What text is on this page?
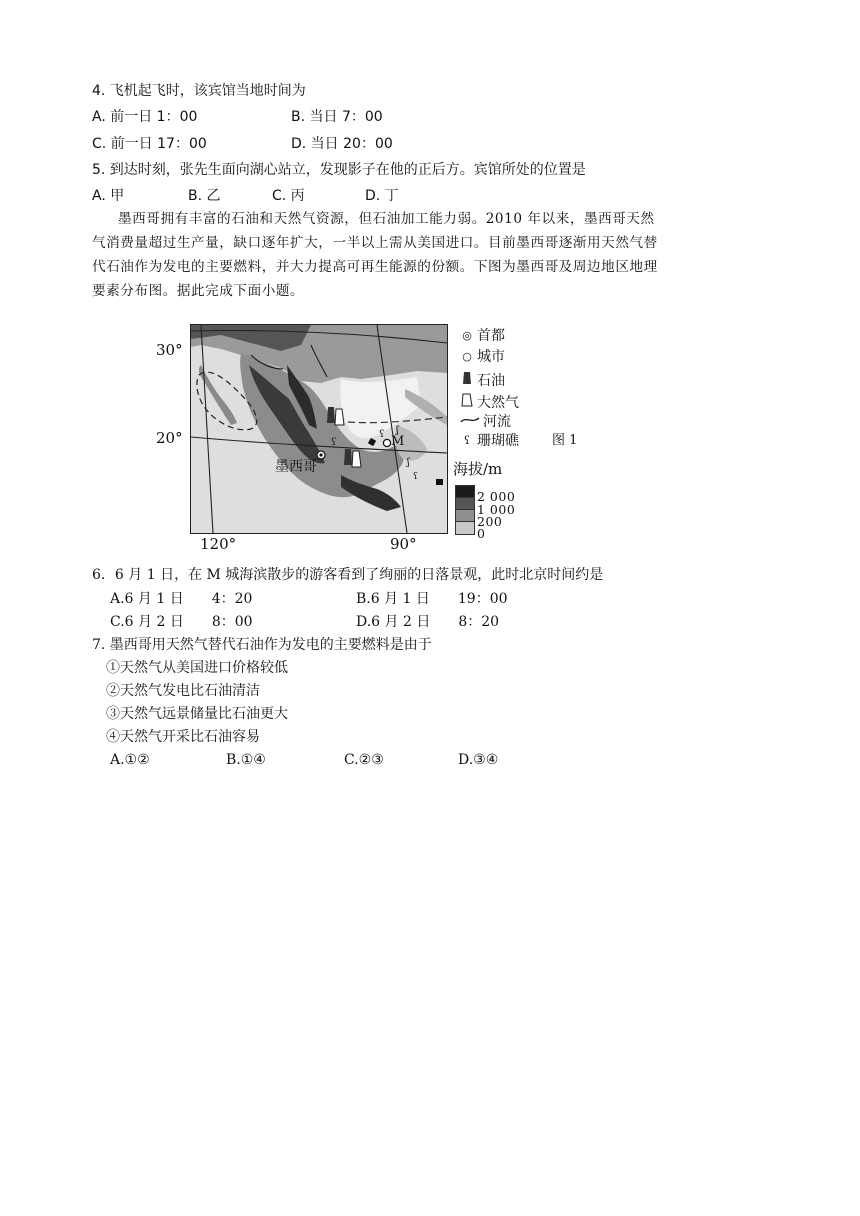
4. 飞机起飞时，该宾馆当地时间为
A. 前一日 1：00	B. 当日 7：00
C. 前一日 17：00	D. 当日 20：00
5. 到达时刻，张先生面向湖心站立，发现影子在他的正后方。宾馆所处的位置是
A. 甲	B. 乙	C. 丙	D. 丁
墨西哥拥有丰富的石油和天然气资源，但石油加工能力弱。2010 年以来，墨西哥天然
气消费量超过生产量，缺口逐年扩大，一半以上需从美国进口。目前墨西哥逐渐用天然气替
代石油作为发电的主要燃料，并大力提高可再生能源的份额。下图为墨西哥及周边地区地理
要素分布图。据此完成下面小题。
ʕ ʃ
ʕ
ʃ
ʕ
墨西哥
M
30°
20°
120°	90°
◎ 首都
○ 城市
石油
大然气
河流
ʕ 珊瑚礁	图 1
海拔/m
2 000
1 000
200
0
6．6 月 1 日，在 M 城海滨散步的游客看到了绚丽的日落景观，此时北京时间约是
A.6 月 1 日　　4：20	B.6 月 1 日　　19：00
C.6 月 2 日　　8：00	D.6 月 2 日　　8：20
7. 墨西哥用天然气替代石油作为发电的主要燃料是由于
①天然气从美国进口价格较低
②天然气发电比石油清洁
③天然气远景储量比石油更大
④天然气开采比石油容易
A.①②	B.①④	C.②③	D.③④
